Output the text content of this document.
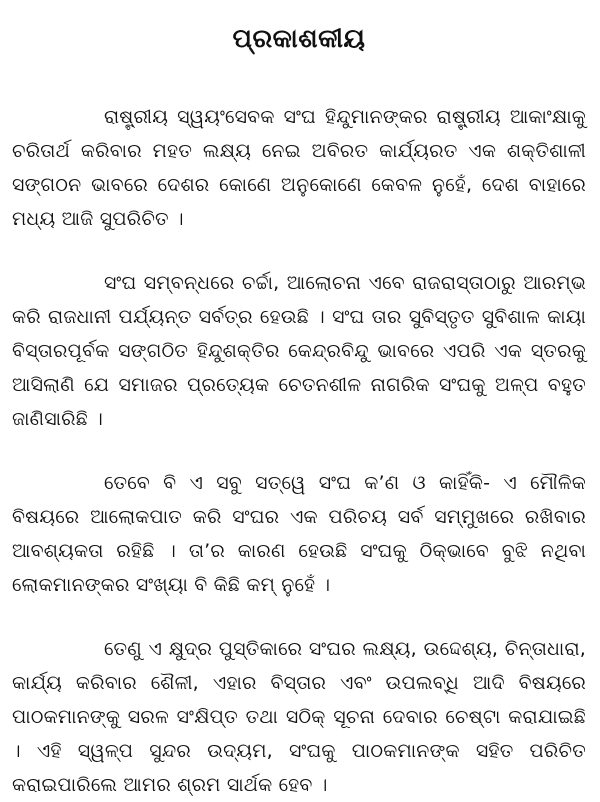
ପ୍ରକାଶକୀୟ

ରାଷ୍ଟ୍ରୀୟ ସ୍ୱୟଂସେବକ ସଂଘ ହିନ୍ଦୁମାନଙ୍କର ରାଷ୍ଟ୍ରୀୟ ଆକାଂକ୍ଷାକୁ ଚରିତାର୍ଥ କରିବାର ମହତ ଲକ୍ଷ୍ୟ ନେଇ ଅବିରତ କାର୍ଯ୍ୟରତ ଏକ ଶକ୍ତିଶାଳୀ ସଙ୍ଗଠନ ଭାବରେ ଦେଶର କୋଣେ ଅନୁକୋଣେ କେବଳ ନୁହେଁ, ଦେଶ ବାହାରେ ମଧ୍ୟ ଆଜି ସୁପରିଚିତ ।

ସଂଘ ସମ୍ବନ୍ଧରେ ଚର୍ଚ୍ଚା, ଆଲୋଚନା ଏବେ ରାଜରାସ୍ତାଠାରୁ ଆରମ୍ଭ କରି ରାଜଧାନୀ ପର୍ଯ୍ୟନ୍ତ ସର୍ବତ୍ର ହେଉଛି । ସଂଘ ତାର ସୁବିସ୍ତୃତ ସୁବିଶାଳ କାୟା ବିସ୍ତାରପୂର୍ବକ ସଙ୍ଗଠିତ ହିନ୍ଦୁଶକ୍ତିର କେନ୍ଦ୍ରବିନ୍ଦୁ ଭାବରେ ଏପରି ଏକ ସ୍ତରକୁ ଆସିଲାଣି ଯେ ସମାଜର ପ୍ରତ୍ୟେକ ଚେତନଶୀଳ ନାଗରିକ ସଂଘକୁ ଅଳ୍ପ ବହୁତ ଜାଣିସାରିଛି ।

ତେବେ ବି ଏ ସବୁ ସତ୍ୱେ ସଂଘ କ’ଣ ଓ କାହିଁକି- ଏ ମୌଳିକ ବିଷୟରେ ଆଲୋକପାତ କରି ସଂଘର ଏକ ପରିଚୟ ସର୍ବ ସମ୍ମୁଖରେ ରଖିବାର ଆବଶ୍ୟକତା ରହିଛି । ତା’ର କାରଣ ହେଉଛି ସଂଘକୁ ଠିକ୍‌ଭାବେ ବୁଝି ନଥିବା ଲୋକମାନଙ୍କର ସଂଖ୍ୟା ବି କିଛି କମ୍ ନୁହେଁ ।

ତେଣୁ ଏ କ୍ଷୁଦ୍ର ପୁସ୍ତିକାରେ ସଂଘର ଲକ୍ଷ୍ୟ, ଉଦ୍ଦେଶ୍ୟ, ଚିନ୍ତାଧାରା, କାର୍ଯ୍ୟ କରିବାର ଶୈଳୀ, ଏହାର ବିସ୍ତାର ଏବଂ ଉପଲବ୍ଧି ଆଦି ବିଷୟରେ ପାଠକମାନଙ୍କୁ ସରଳ ସଂକ୍ଷିପ୍ତ ତଥା ସଠିକ୍ ସୂଚନା ଦେବାର ଚେଷ୍ଟା କରାଯାଇଛି । ଏହି ସ୍ୱଳ୍ପ ସୁନ୍ଦର ଉଦ୍ୟମ, ସଂଘକୁ ପାଠକମାନଙ୍କ ସହିତ ପରିଚିତ କରାଇପାରିଲେ ଆମର ଶ୍ରମ ସାର୍ଥକ ହେବ ।
